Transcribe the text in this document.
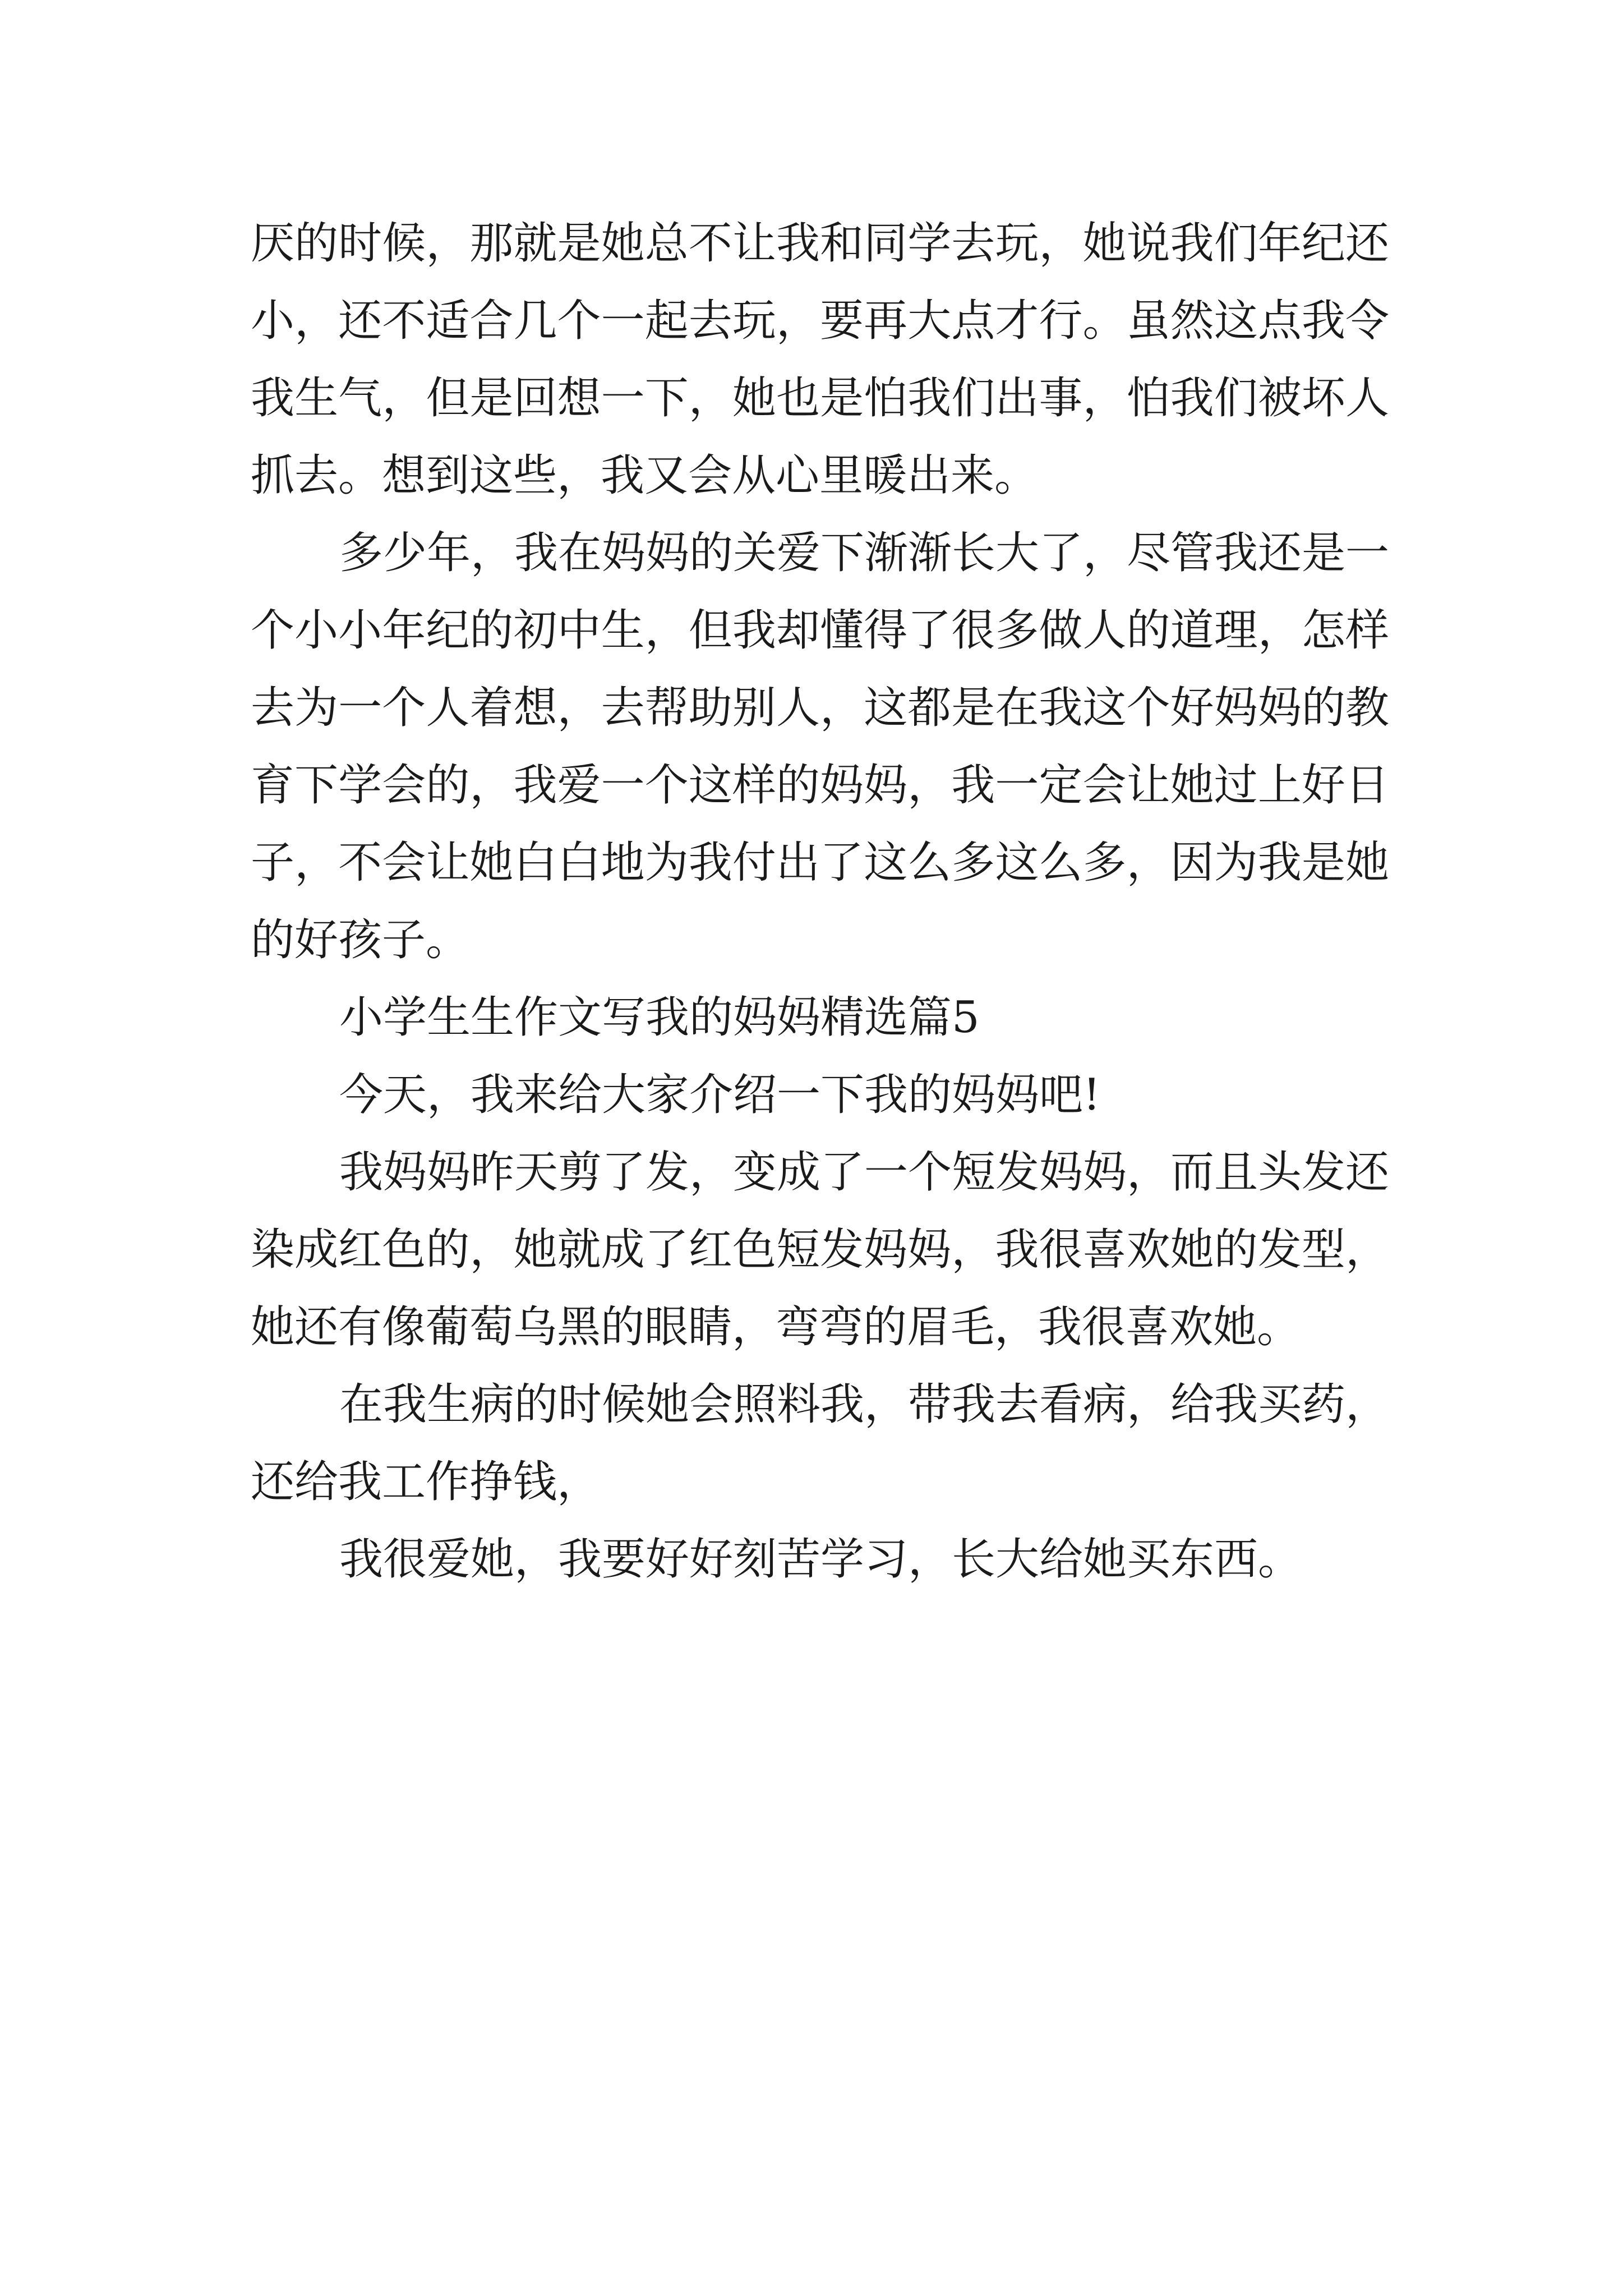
厌的时候，那就是她总不让我和同学去玩，她说我们年纪还
小，还不适合几个一起去玩，要再大点才行。虽然这点我令
我生气，但是回想一下，她也是怕我们出事，怕我们被坏人
抓去。想到这些，我又会从心里暖出来。
多少年，我在妈妈的关爱下渐渐长大了，尽管我还是一
个小小年纪的初中生，但我却懂得了很多做人的道理，怎样
去为一个人着想，去帮助别人，这都是在我这个好妈妈的教
育下学会的，我爱一个这样的妈妈，我一定会让她过上好日
子，不会让她白白地为我付出了这么多这么多，因为我是她
的好孩子。
小学生生作文写我的妈妈精选篇5
今天，我来给大家介绍一下我的妈妈吧!
我妈妈昨天剪了发，变成了一个短发妈妈，而且头发还
染成红色的，她就成了红色短发妈妈，我很喜欢她的发型，
她还有像葡萄乌黑的眼睛，弯弯的眉毛，我很喜欢她。
在我生病的时候她会照料我，带我去看病，给我买药，
还给我工作挣钱，
我很爱她，我要好好刻苦学习，长大给她买东西。
